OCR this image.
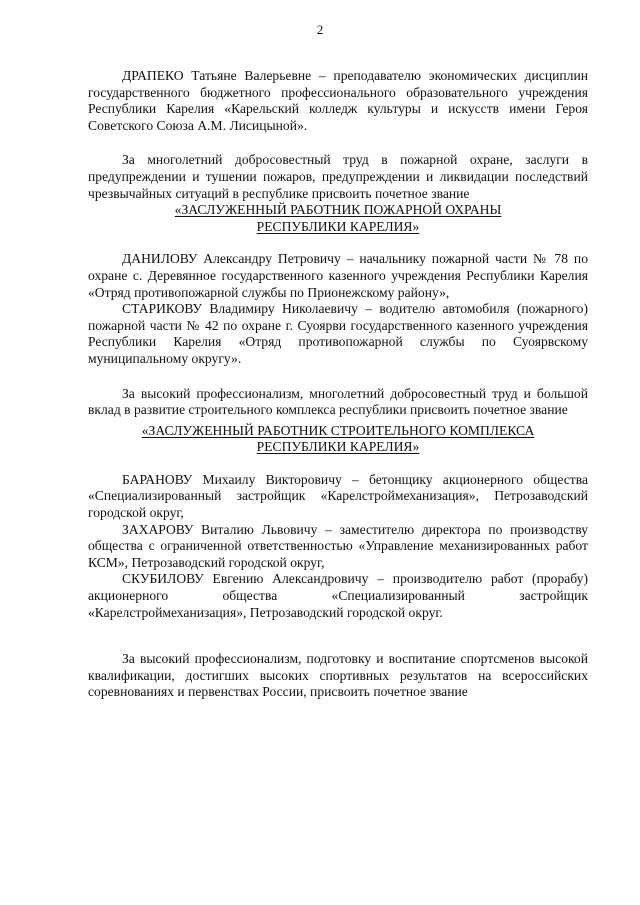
2

ДРАПЕКО Татьяне Валерьевне – преподавателю экономических дисциплин государственного бюджетного профессионального образовательного учреждения Республики Карелия «Карельский колледж культуры и искусств имени Героя Советского Союза А.М. Лисицыной».

За многолетний добросовестный труд в пожарной охране, заслуги в предупреждении и тушении пожаров, предупреждении и ликвидации последствий чрезвычайных ситуаций в республике присвоить почетное звание

«ЗАСЛУЖЕННЫЙ РАБОТНИК ПОЖАРНОЙ ОХРАНЫ
РЕСПУБЛИКИ КАРЕЛИЯ»

ДАНИЛОВУ Александру Петровичу – начальнику пожарной части № 78 по охране с. Деревянное государственного казенного учреждения Республики Карелия «Отряд противопожарной службы по Прионежскому району»,

СТАРИКОВУ Владимиру Николаевичу – водителю автомобиля (пожарного) пожарной части № 42 по охране г. Суоярви государственного казенного учреждения Республики Карелия «Отряд противопожарной службы по Суоярвскому муниципальному округу».

За высокий профессионализм, многолетний добросовестный труд и большой вклад в развитие строительного комплекса республики присвоить почетное звание

«ЗАСЛУЖЕННЫЙ РАБОТНИК СТРОИТЕЛЬНОГО КОМПЛЕКСА
РЕСПУБЛИКИ КАРЕЛИЯ»

БАРАНОВУ Михаилу Викторовичу – бетонщику акционерного общества «Специализированный застройщик «Карелстроймеханизация», Петрозаводский городской округ,

ЗАХАРОВУ Виталию Львовичу – заместителю директора по производству общества с ограниченной ответственностью «Управление механизированных работ КСМ», Петрозаводский городской округ,

СКУБИЛОВУ Евгению Александровичу – производителю работ (прорабу) акционерного общества «Специализированный застройщик «Карелстроймеханизация», Петрозаводский городской округ.

За высокий профессионализм, подготовку и воспитание спортсменов высокой квалификации, достигших высоких спортивных результатов на всероссийских соревнованиях и первенствах России, присвоить почетное звание
